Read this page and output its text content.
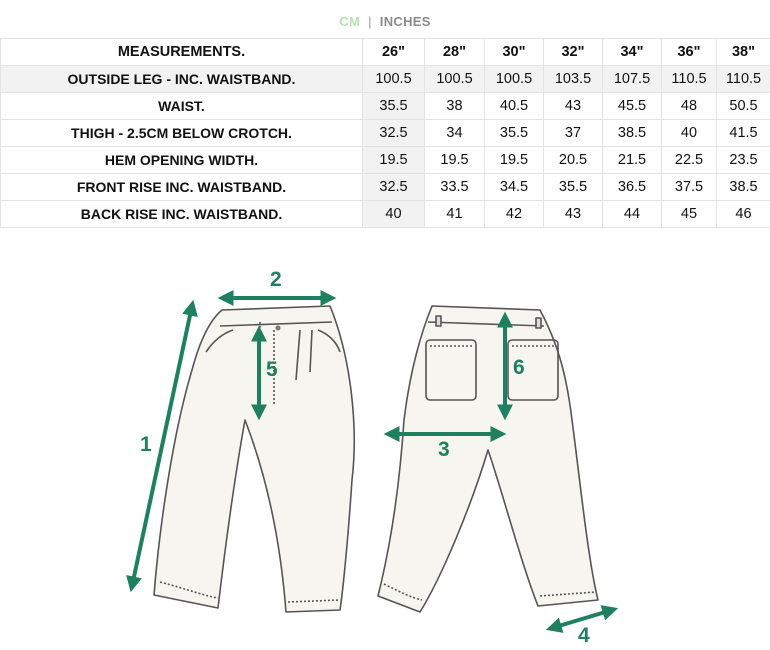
CM | INCHES
MEASUREMENTS.	26"	28"	30"	32"	34"	36"	38"
OUTSIDE LEG - INC. WAISTBAND.	100.5	100.5	100.5	103.5	107.5	110.5	110.5
WAIST.	35.5	38	40.5	43	45.5	48	50.5
THIGH - 2.5CM BELOW CROTCH.	32.5	34	35.5	37	38.5	40	41.5
HEM OPENING WIDTH.	19.5	19.5	19.5	20.5	21.5	22.5	23.5
FRONT RISE INC. WAISTBAND.	32.5	33.5	34.5	35.5	36.5	37.5	38.5
BACK RISE INC. WAISTBAND.	40	41	42	43	44	45	46
1
2
3
4
5	6
